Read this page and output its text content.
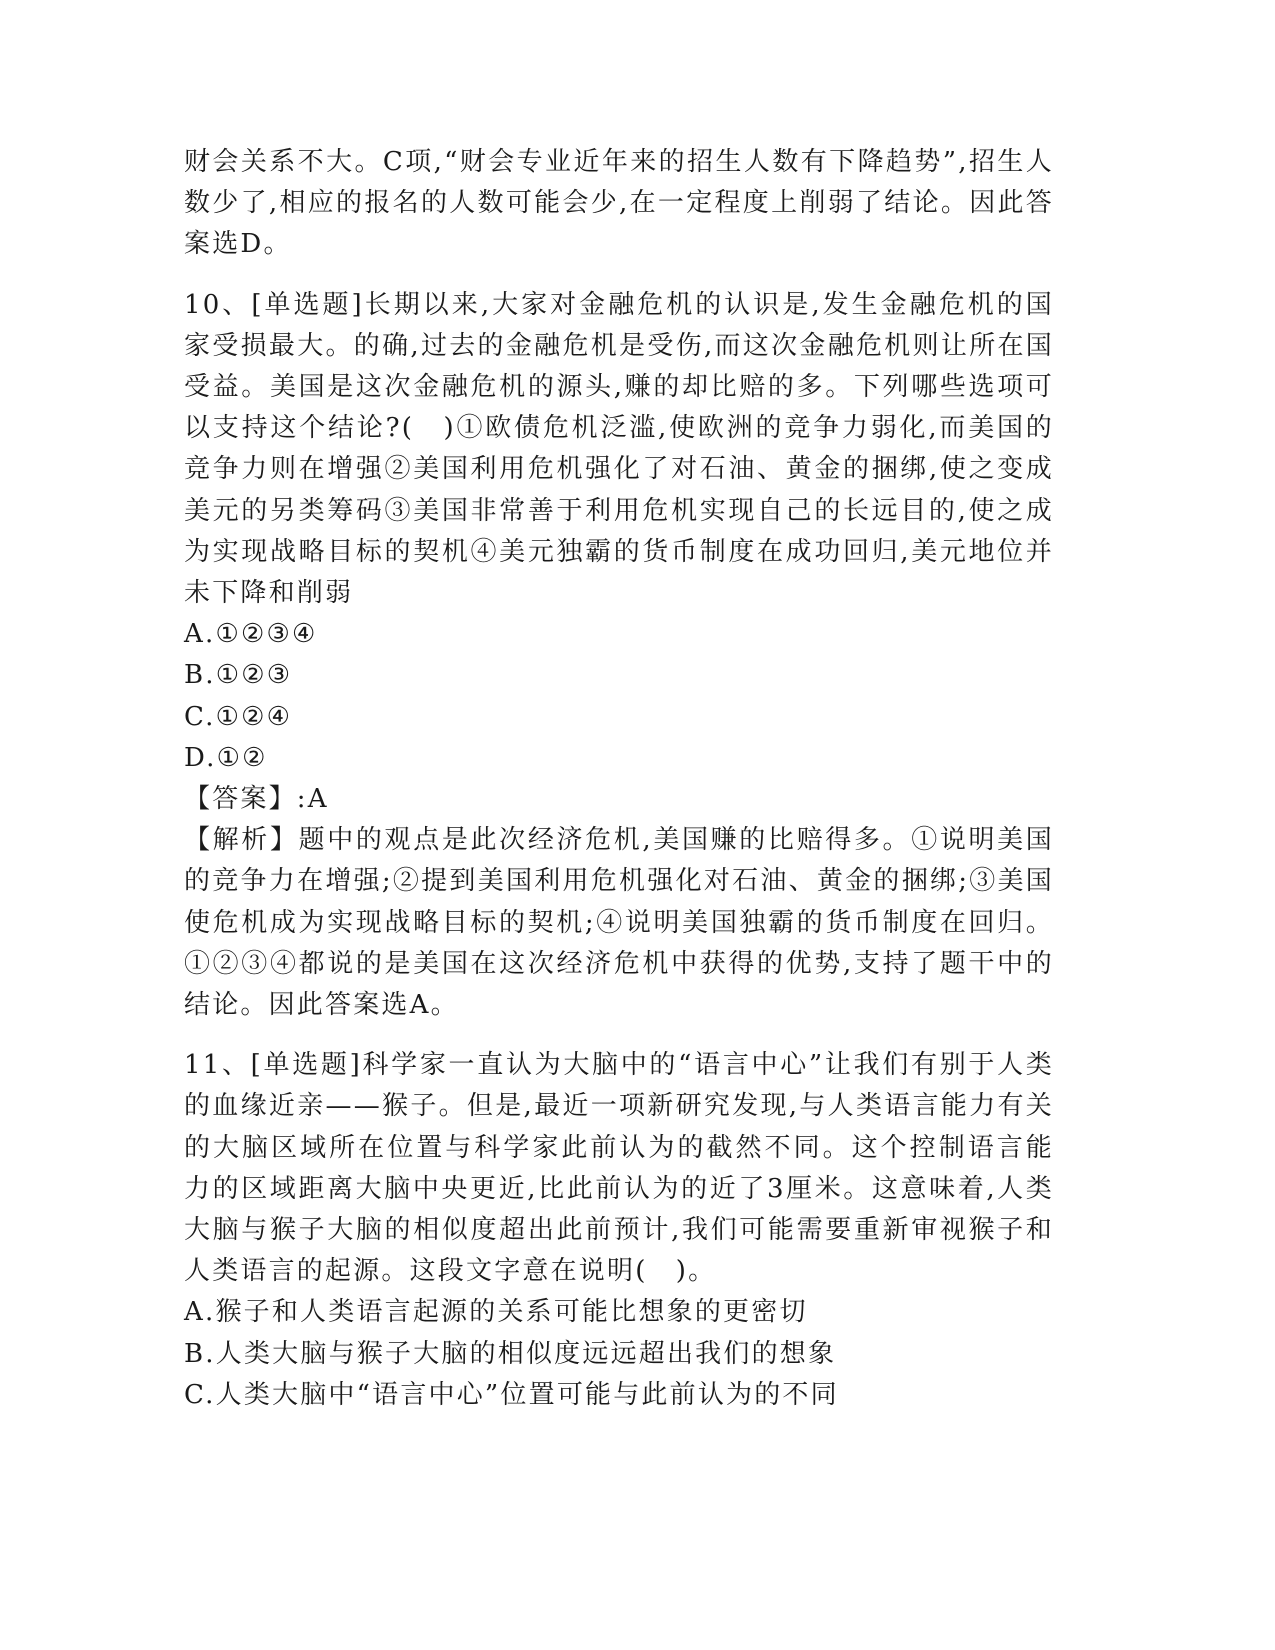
财会关系不大。C项,“财会专业近年来的招生人数有下降趋势”,招生人数少了,相应的报名的人数可能会少,在一定程度上削弱了结论。因此答案选D。

10、[单选题]长期以来,大家对金融危机的认识是,发生金融危机的国家受损最大。的确,过去的金融危机是受伤,而这次金融危机则让所在国受益。美国是这次金融危机的源头,赚的却比赔的多。下列哪些选项可以支持这个结论?(　)①欧债危机泛滥,使欧洲的竞争力弱化,而美国的竞争力则在增强②美国利用危机强化了对石油、黄金的捆绑,使之变成美元的另类筹码③美国非常善于利用危机实现自己的长远目的,使之成为实现战略目标的契机④美元独霸的货币制度在成功回归,美元地位并未下降和削弱

A.①②③④

B.①②③

C.①②④

D.①②

【答案】:A

【解析】题中的观点是此次经济危机,美国赚的比赔得多。①说明美国的竞争力在增强;②提到美国利用危机强化对石油、黄金的捆绑;③美国使危机成为实现战略目标的契机;④说明美国独霸的货币制度在回归。①②③④都说的是美国在这次经济危机中获得的优势,支持了题干中的结论。因此答案选A。

11、[单选题]科学家一直认为大脑中的“语言中心”让我们有别于人类的血缘近亲——猴子。但是,最近一项新研究发现,与人类语言能力有关的大脑区域所在位置与科学家此前认为的截然不同。这个控制语言能力的区域距离大脑中央更近,比此前认为的近了3厘米。这意味着,人类大脑与猴子大脑的相似度超出此前预计,我们可能需要重新审视猴子和人类语言的起源。这段文字意在说明(　)。

A.猴子和人类语言起源的关系可能比想象的更密切

B.人类大脑与猴子大脑的相似度远远超出我们的想象

C.人类大脑中“语言中心”位置可能与此前认为的不同
